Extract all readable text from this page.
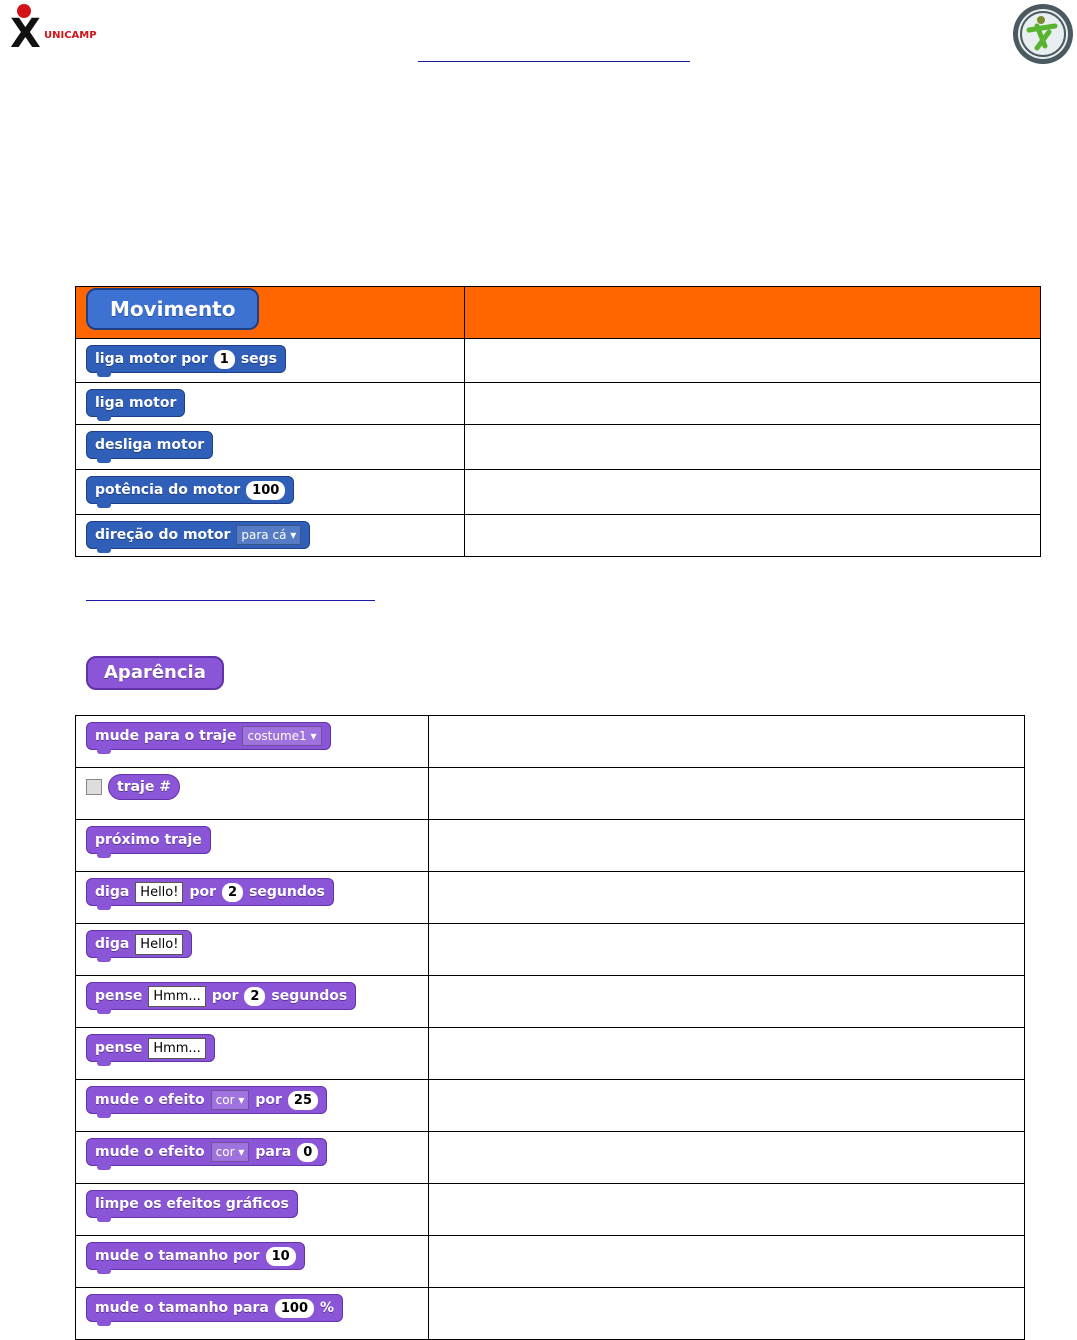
X UNICAMP
Movimento	

liga motor por 1 segs	

liga motor	

desliga motor	

potência do motor 100	

direção do motor para cá ▾

Aparência
mude para o traje costume1 ▾

traje #	

próximo traje	

diga Hello! por 2 segundos	

diga Hello!	

pense Hmm... por 2 segundos	

pense Hmm...	

mude o efeito cor ▾ por 25

mude o efeito cor ▾ para 0

limpe os efeitos gráficos	

mude o tamanho por 10	

mude o tamanho para 100 %	
